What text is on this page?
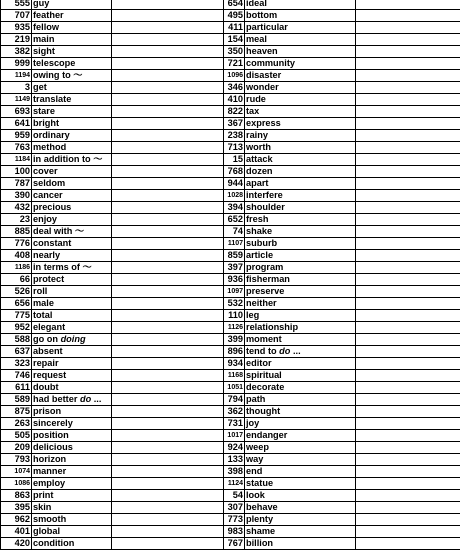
555	guy		654	ideal	
707	feather		495	bottom	
935	fellow		411	particular	
219	main		154	meal	
382	sight		350	heaven	
999	telescope		721	community	
1194	owing to ～		1096	disaster	
3	get		346	wonder	
1149	translate		410	rude	
693	stare		822	tax	
641	bright		367	express	
959	ordinary		238	rainy	
763	method		713	worth	
1184	in addition to ～		15	attack	
100	cover		768	dozen	
787	seldom		944	apart	
390	cancer		1028	interfere	
432	precious		394	shoulder	
23	enjoy		652	fresh	
885	deal with ～		74	shake	
776	constant		1107	suburb	
408	nearly		859	article	
1186	in terms of ～		397	program	
66	protect		936	fisherman	
526	roll		1097	preserve	
656	male		532	neither	
775	total		110	leg	
952	elegant		1126	relationship	
588	go on doing		399	moment	
637	absent		896	tend to do ...	
323	repair		934	editor	
746	request		1168	spiritual	
611	doubt		1051	decorate	
589	had better do ...		794	path	
875	prison		362	thought	
263	sincerely		731	joy	
505	position		1017	endanger	
209	delicious		924	weep	
793	horizon		133	way	
1074	manner		398	end	
1086	employ		1124	statue	
863	print		54	look	
395	skin		307	behave	
962	smooth		773	plenty	
401	global		983	shame	
420	condition		767	billion	
